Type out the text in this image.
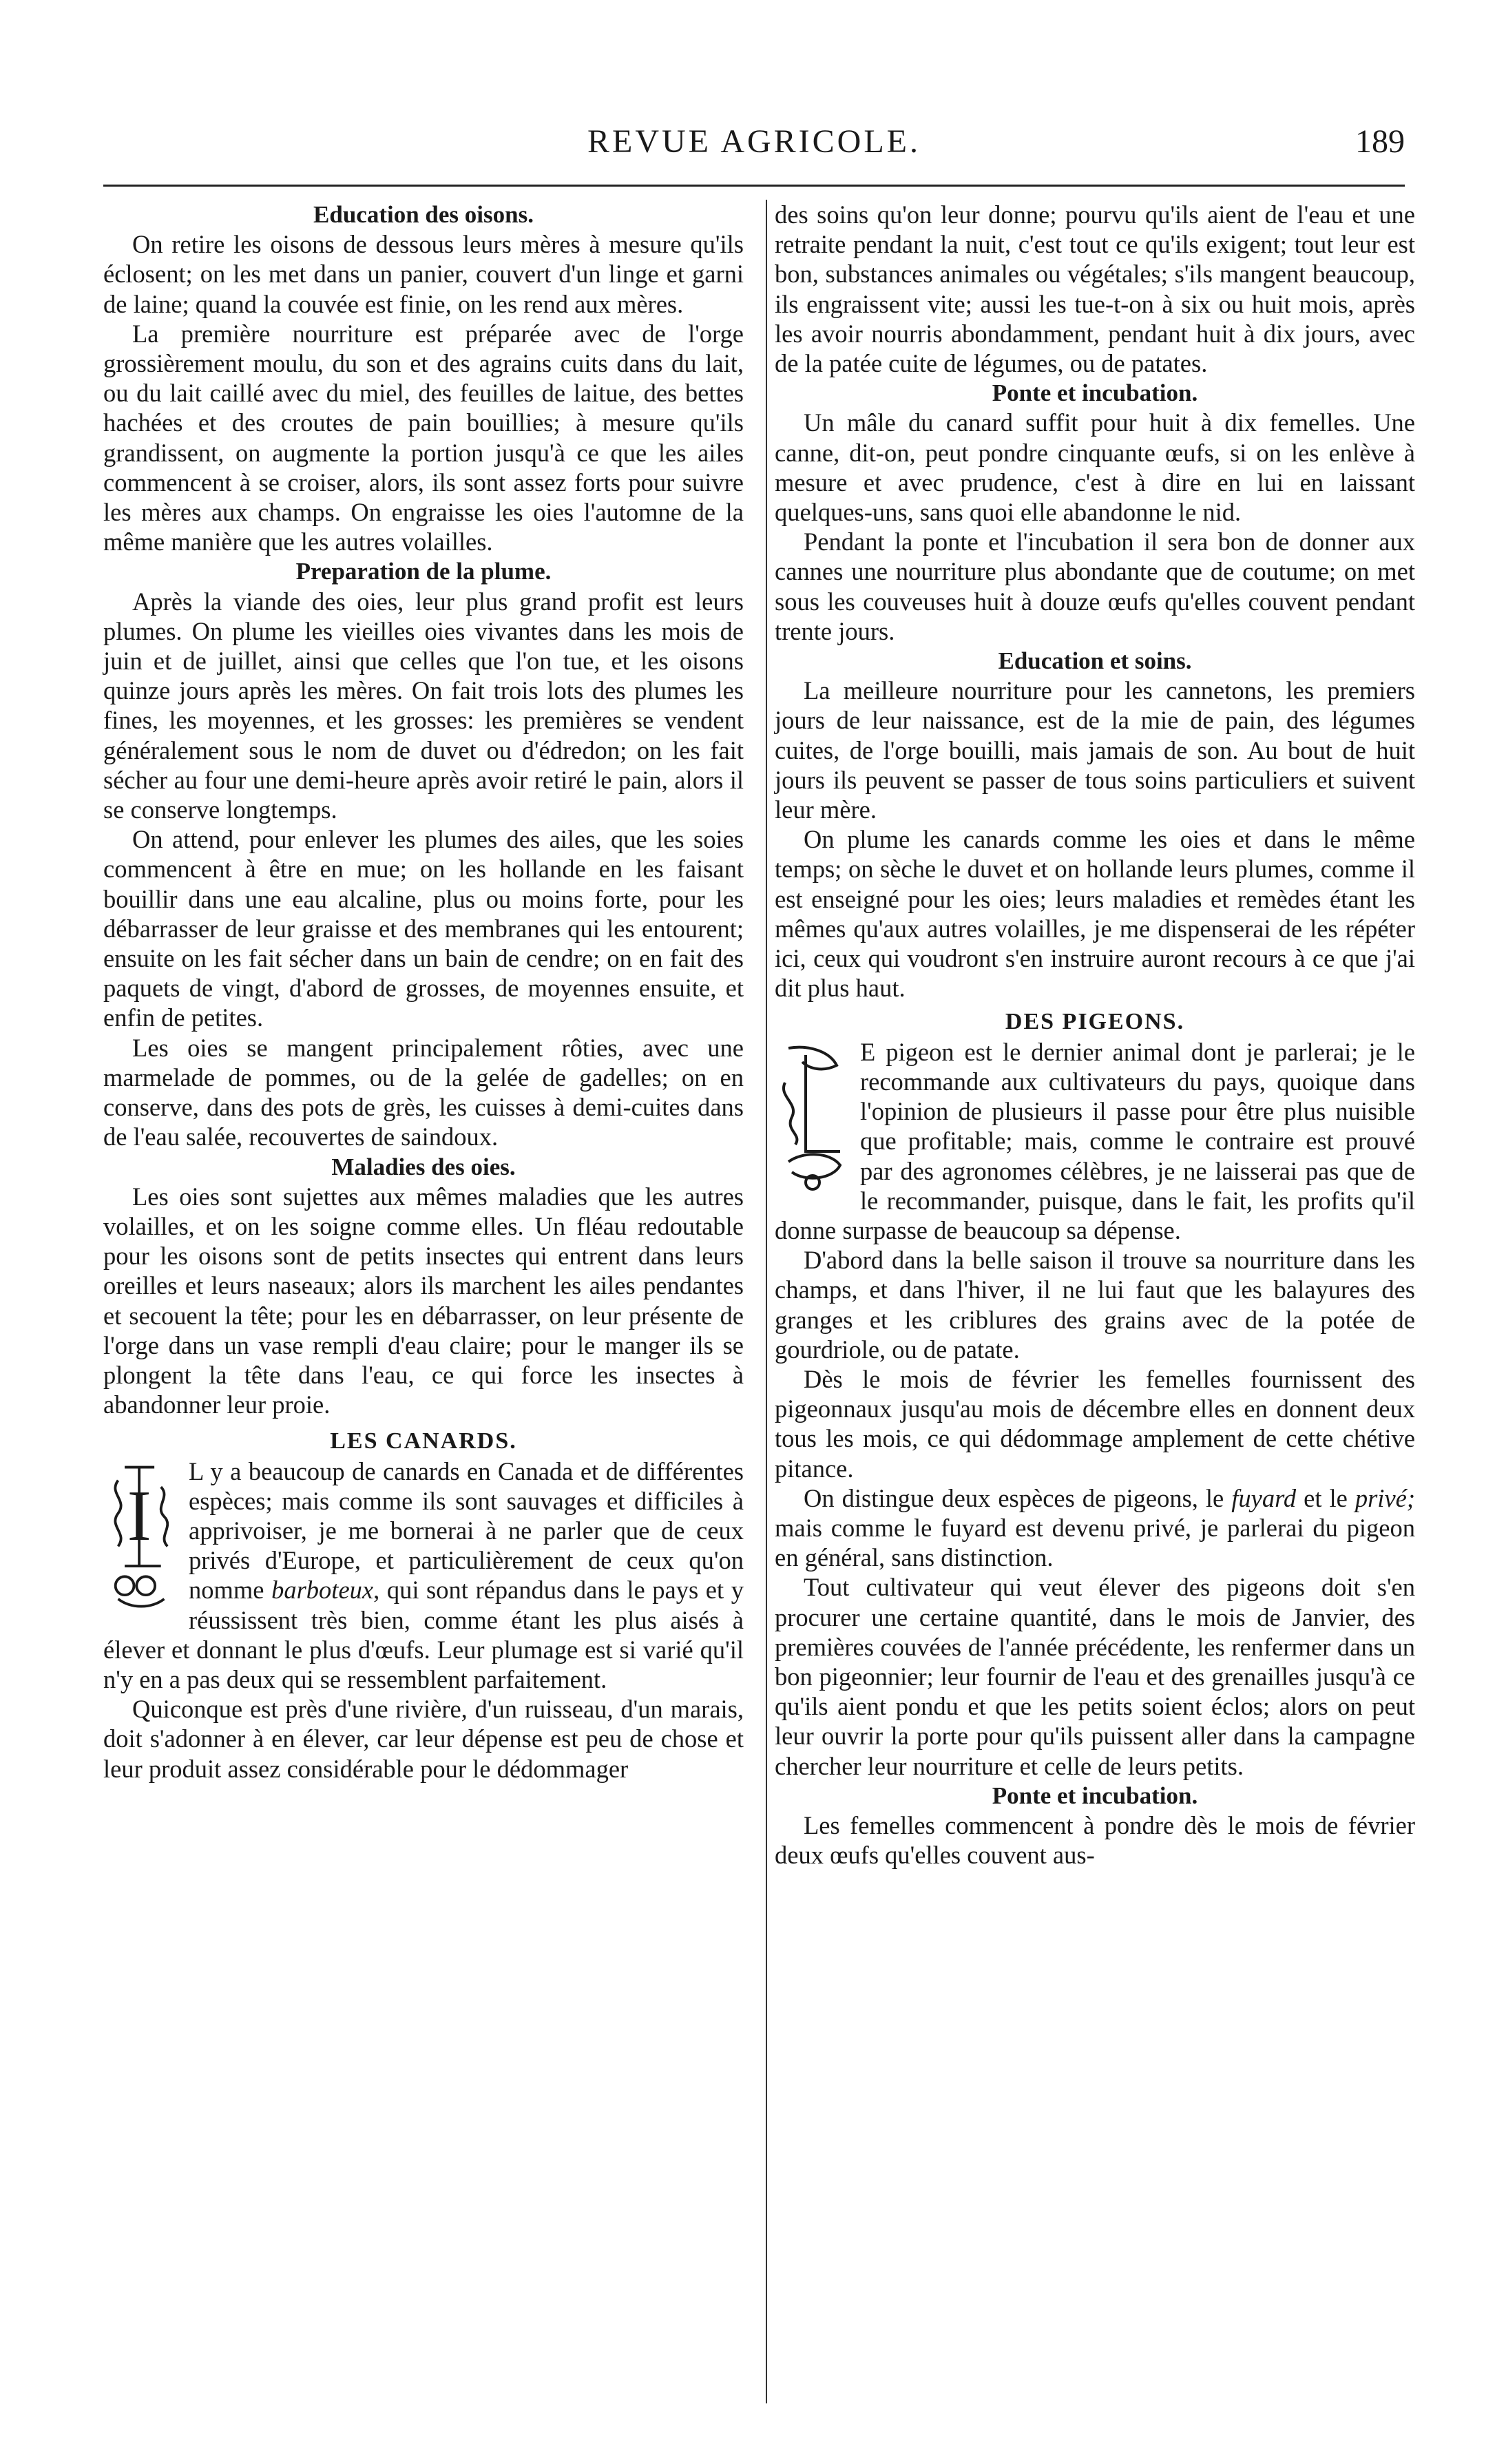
REVUE AGRICOLE.	189
Education des oisons.

On retire les oisons de dessous leurs mères à mesure qu'ils éclosent; on les met dans un panier, couvert d'un linge et garni de laine; quand la couvée est finie, on les rend aux mères.

La première nourriture est préparée avec de l'orge grossièrement moulu, du son et des agrains cuits dans du lait, ou du lait caillé avec du miel, des feuilles de laitue, des bettes hachées et des croutes de pain bouillies; à mesure qu'ils grandissent, on augmente la portion jusqu'à ce que les ailes commencent à se croiser, alors, ils sont assez forts pour suivre les mères aux champs. On engraisse les oies l'automne de la même manière que les autres volailles.

Preparation de la plume.

Après la viande des oies, leur plus grand profit est leurs plumes. On plume les vieilles oies vivantes dans les mois de juin et de juillet, ainsi que celles que l'on tue, et les oisons quinze jours après les mères. On fait trois lots des plumes les fines, les moyennes, et les grosses: les premières se vendent généralement sous le nom de duvet ou d'édredon; on les fait sécher au four une demi-heure après avoir retiré le pain, alors il se conserve longtemps.

On attend, pour enlever les plumes des ailes, que les soies commencent à être en mue; on les hollande en les faisant bouillir dans une eau alcaline, plus ou moins forte, pour les débarrasser de leur graisse et des membranes qui les entourent; ensuite on les fait sécher dans un bain de cendre; on en fait des paquets de vingt, d'abord de grosses, de moyennes ensuite, et enfin de petites.

Les oies se mangent principalement rôties, avec une marmelade de pommes, ou de la gelée de gadelles; on en conserve, dans des pots de grès, les cuisses à demi-cuites dans de l'eau salée, recouvertes de saindoux.

Maladies des oies.

Les oies sont sujettes aux mêmes maladies que les autres volailles, et on les soigne comme elles. Un fléau redoutable pour les oisons sont de petits insectes qui entrent dans leurs oreilles et leurs naseaux; alors ils marchent les ailes pendantes et secouent la tête; pour les en débarrasser, on leur présente de l'orge dans un vase rempli d'eau claire; pour le manger ils se plongent la tête dans l'eau, ce qui force les insectes à abandonner leur proie.

LES CANARDS.

I
L y a beaucoup de canards en Canada et de différentes espèces; mais comme ils sont sauvages et difficiles à apprivoiser, je me bornerai à ne parler que de ceux privés d'Europe, et particulièrement de ceux qu'on nomme barboteux, qui sont répandus dans le pays et y réussissent très bien, comme étant les plus aisés à élever et donnant le plus d'œufs. Leur plumage est si varié qu'il n'y en a pas deux qui se ressemblent parfaitement.

Quiconque est près d'une rivière, d'un ruisseau, d'un marais, doit s'adonner à en élever, car leur dépense est peu de chose et leur produit assez considérable pour le dédommager

des soins qu'on leur donne; pourvu qu'ils aient de l'eau et une retraite pendant la nuit, c'est tout ce qu'ils exigent; tout leur est bon, substances animales ou végétales; s'ils mangent beaucoup, ils engraissent vite; aussi les tue-t-on à six ou huit mois, après les avoir nourris abondamment, pendant huit à dix jours, avec de la patée cuite de légumes, ou de patates.

Ponte et incubation.

Un mâle du canard suffit pour huit à dix femelles. Une canne, dit-on, peut pondre cinquante œufs, si on les enlève à mesure et avec prudence, c'est à dire en lui en laissant quelques-uns, sans quoi elle abandonne le nid.

Pendant la ponte et l'incubation il sera bon de donner aux cannes une nourriture plus abondante que de coutume; on met sous les couveuses huit à douze œufs qu'elles couvent pendant trente jours.

Education et soins.

La meilleure nourriture pour les cannetons, les premiers jours de leur naissance, est de la mie de pain, des légumes cuites, de l'orge bouilli, mais jamais de son. Au bout de huit jours ils peuvent se passer de tous soins particuliers et suivent leur mère.

On plume les canards comme les oies et dans le même temps; on sèche le duvet et on hollande leurs plumes, comme il est enseigné pour les oies; leurs maladies et remèdes étant les mêmes qu'aux autres volailles, je me dispenserai de les répéter ici, ceux qui voudront s'en instruire auront recours à ce que j'ai dit plus haut.

DES PIGEONS.

E pigeon est le dernier animal dont je parlerai; je le recommande aux cultivateurs du pays, quoique dans l'opinion de plusieurs il passe pour être plus nuisible que profitable; mais, comme le contraire est prouvé par des agronomes célèbres, je ne laisserai pas que de le recommander, puisque, dans le fait, les profits qu'il donne surpasse de beaucoup sa dépense.

D'abord dans la belle saison il trouve sa nourriture dans les champs, et dans l'hiver, il ne lui faut que les balayures des granges et les criblures des grains avec de la potée de gourdriole, ou de patate.

Dès le mois de février les femelles fournissent des pigeonnaux jusqu'au mois de décembre elles en donnent deux tous les mois, ce qui dédommage amplement de cette chétive pitance.

On distingue deux espèces de pigeons, le fuyard et le privé; mais comme le fuyard est devenu privé, je parlerai du pigeon en général, sans distinction.

Tout cultivateur qui veut élever des pigeons doit s'en procurer une certaine quantité, dans le mois de Janvier, des premières couvées de l'année précédente, les renfermer dans un bon pigeonnier; leur fournir de l'eau et des grenailles jusqu'à ce qu'ils aient pondu et que les petits soient éclos; alors on peut leur ouvrir la porte pour qu'ils puissent aller dans la campagne chercher leur nourriture et celle de leurs petits.

Ponte et incubation.

Les femelles commencent à pondre dès le mois de février deux œufs qu'elles couvent aus-
